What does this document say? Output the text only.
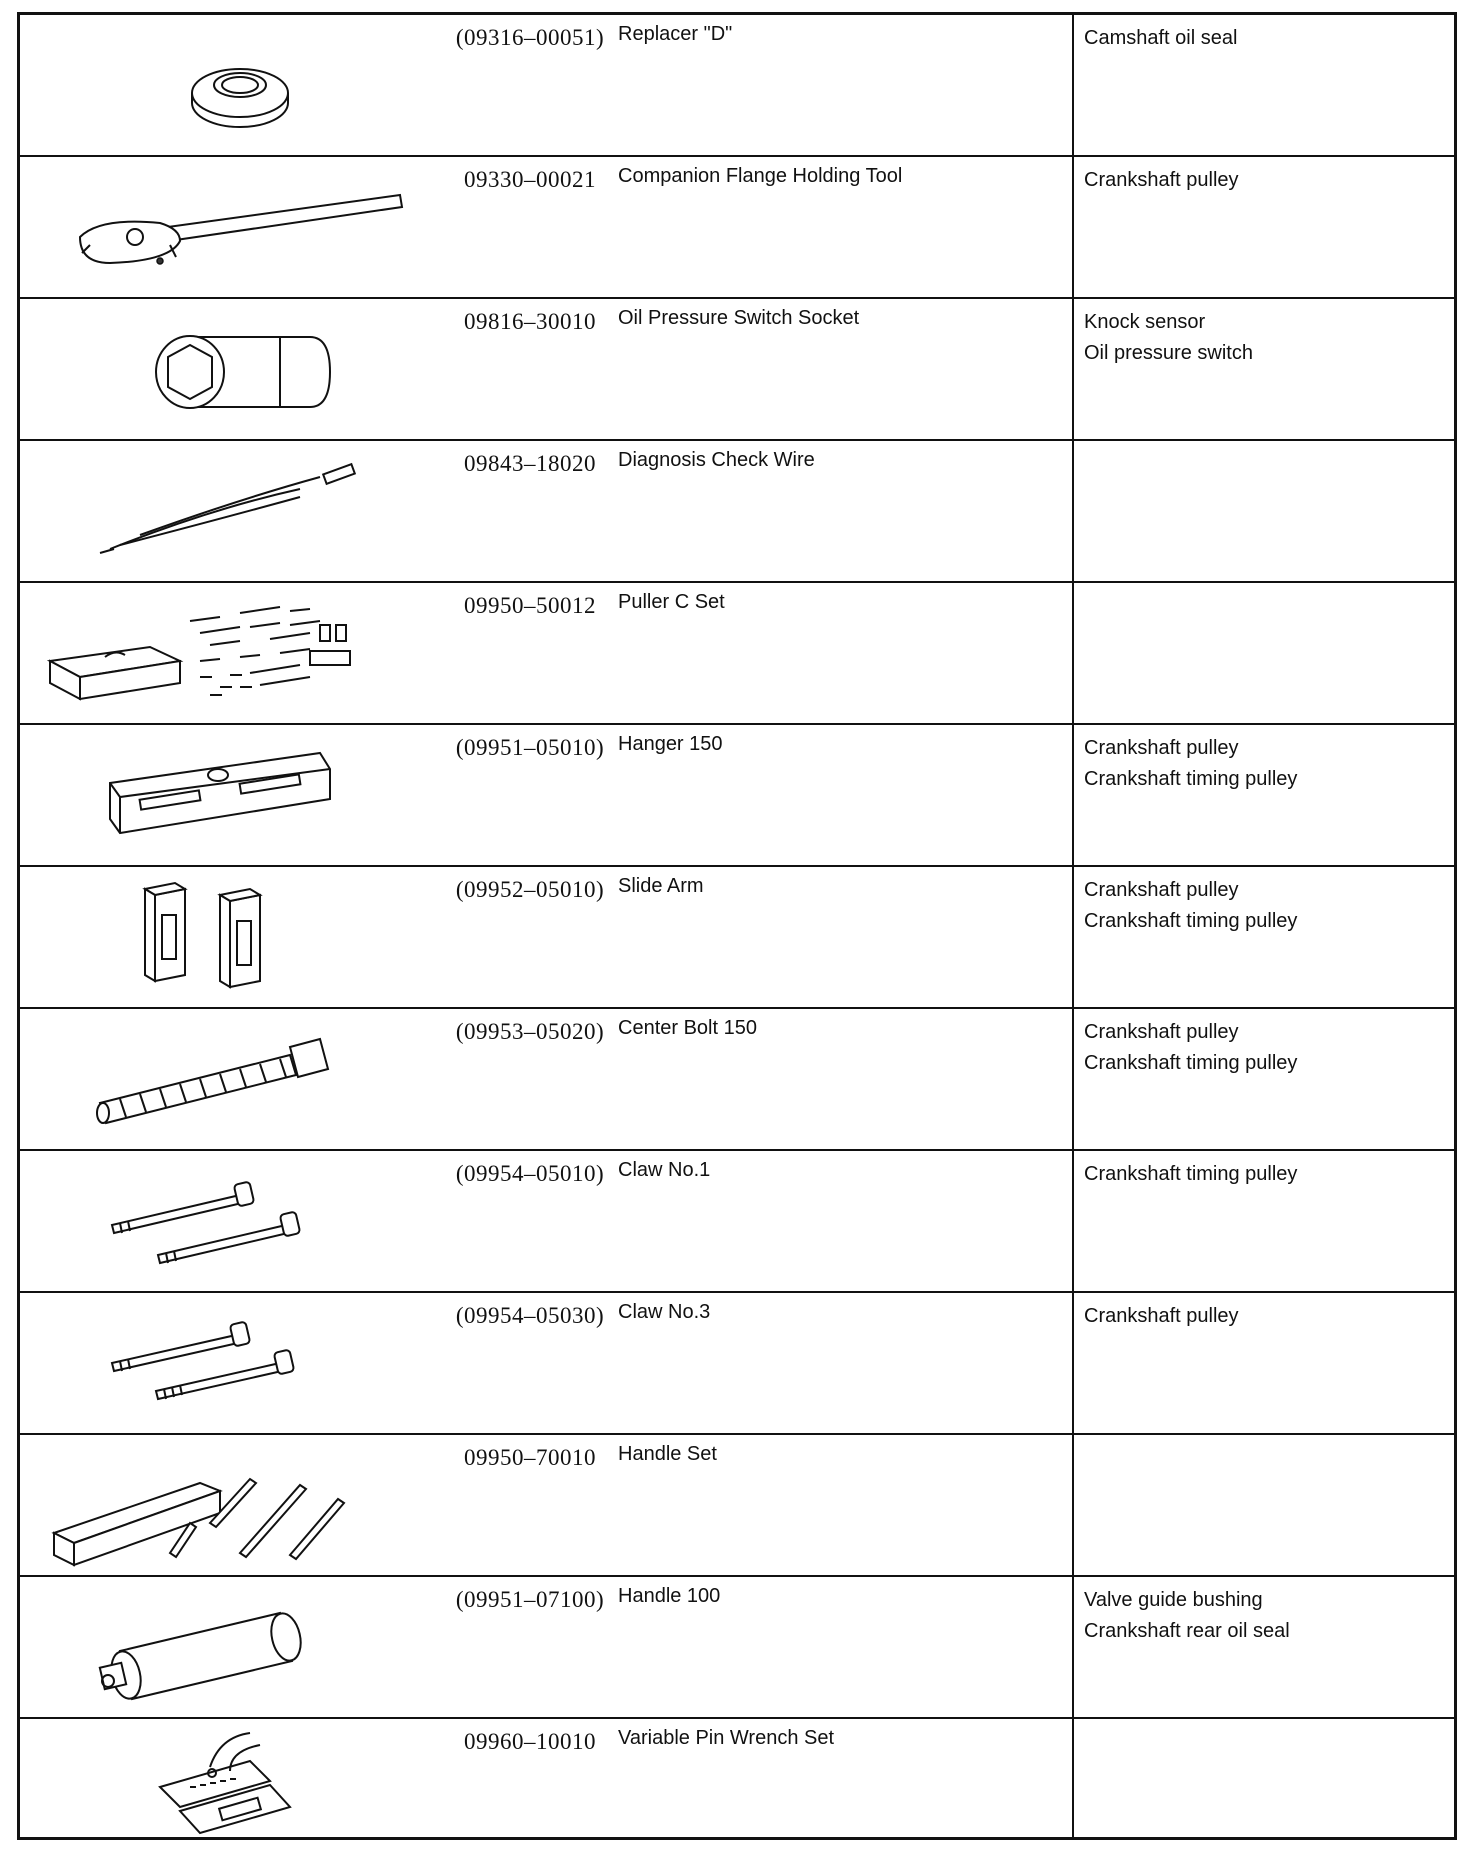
(09316–00051) Replacer "D"	Camshaft oil seal
09330–00021	Companion Flange Holding Tool	Crankshaft pulley
09816–30010	Oil Pressure Switch Socket	Knock sensor
Oil pressure switch
09843–18020	Diagnosis Check Wire
09950–50012	Puller C Set
(09951–05010) Hanger 150	Crankshaft pulley
Crankshaft timing pulley
(09952–05010) Slide Arm	Crankshaft pulley
Crankshaft timing pulley
(09953–05020) Center Bolt 150	Crankshaft pulley
Crankshaft timing pulley
(09954–05010) Claw No.1	Crankshaft timing pulley
(09954–05030) Claw No.3	Crankshaft pulley
09950–70010	Handle Set
(09951–07100) Handle 100	Valve guide bushing
Crankshaft rear oil seal
09960–10010	Variable Pin Wrench Set
